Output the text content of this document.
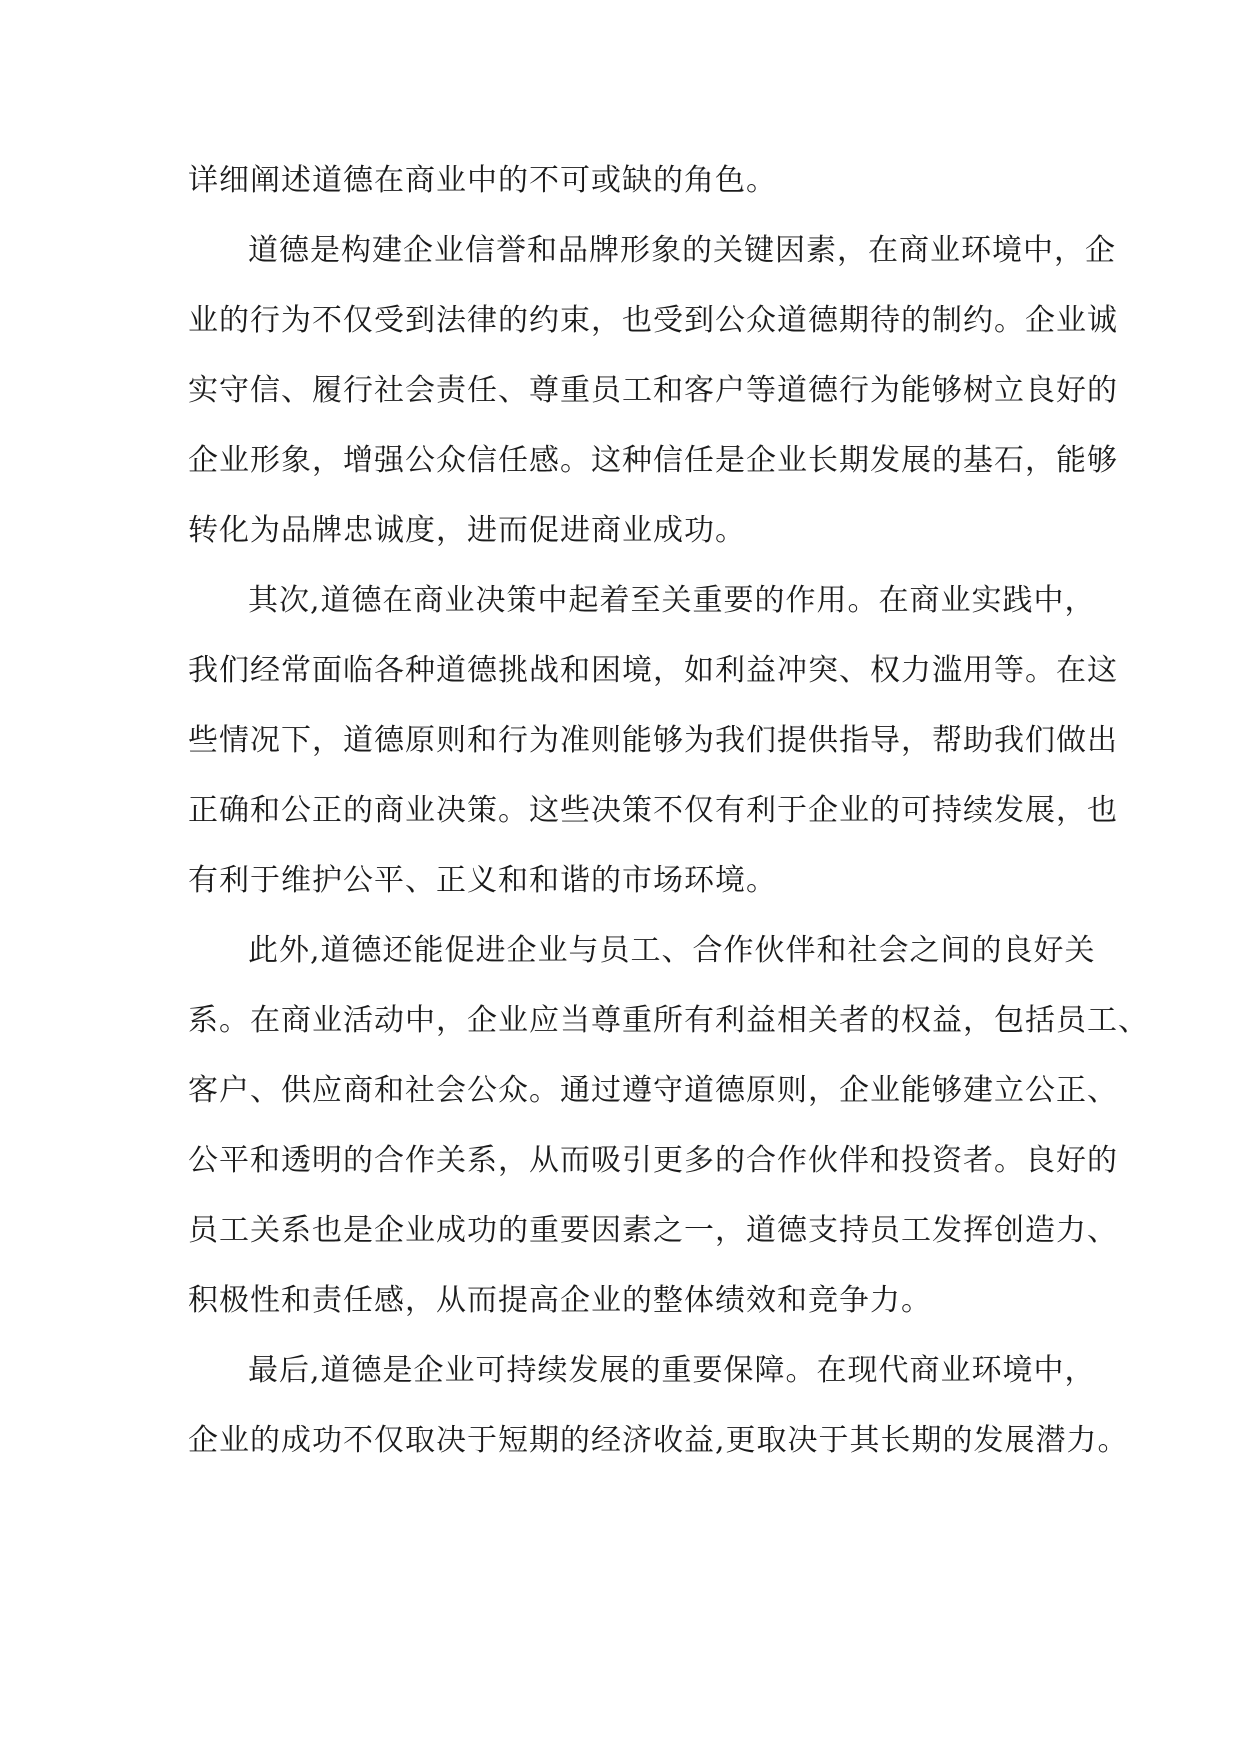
详细阐述道德在商业中的不可或缺的角色。
道德是构建企业信誉和品牌形象的关键因素，在商业环境中，企
业的行为不仅受到法律的约束，也受到公众道德期待的制约。企业诚
实守信、履行社会责任、尊重员工和客户等道德行为能够树立良好的
企业形象，增强公众信任感。这种信任是企业长期发展的基石，能够
转化为品牌忠诚度，进而促进商业成功。
其次,道德在商业决策中起着至关重要的作用。在商业实践中，
我们经常面临各种道德挑战和困境，如利益冲突、权力滥用等。在这
些情况下，道德原则和行为准则能够为我们提供指导，帮助我们做出
正确和公正的商业决策。这些决策不仅有利于企业的可持续发展，也
有利于维护公平、正义和和谐的市场环境。
此外,道德还能促进企业与员工、合作伙伴和社会之间的良好关
系。在商业活动中，企业应当尊重所有利益相关者的权益，包括员工、
客户、供应商和社会公众。通过遵守道德原则，企业能够建立公正、
公平和透明的合作关系，从而吸引更多的合作伙伴和投资者。良好的
员工关系也是企业成功的重要因素之一，道德支持员工发挥创造力、
积极性和责任感，从而提高企业的整体绩效和竞争力。
最后,道德是企业可持续发展的重要保障。在现代商业环境中，
企业的成功不仅取决于短期的经济收益,更取决于其长期的发展潜力。
